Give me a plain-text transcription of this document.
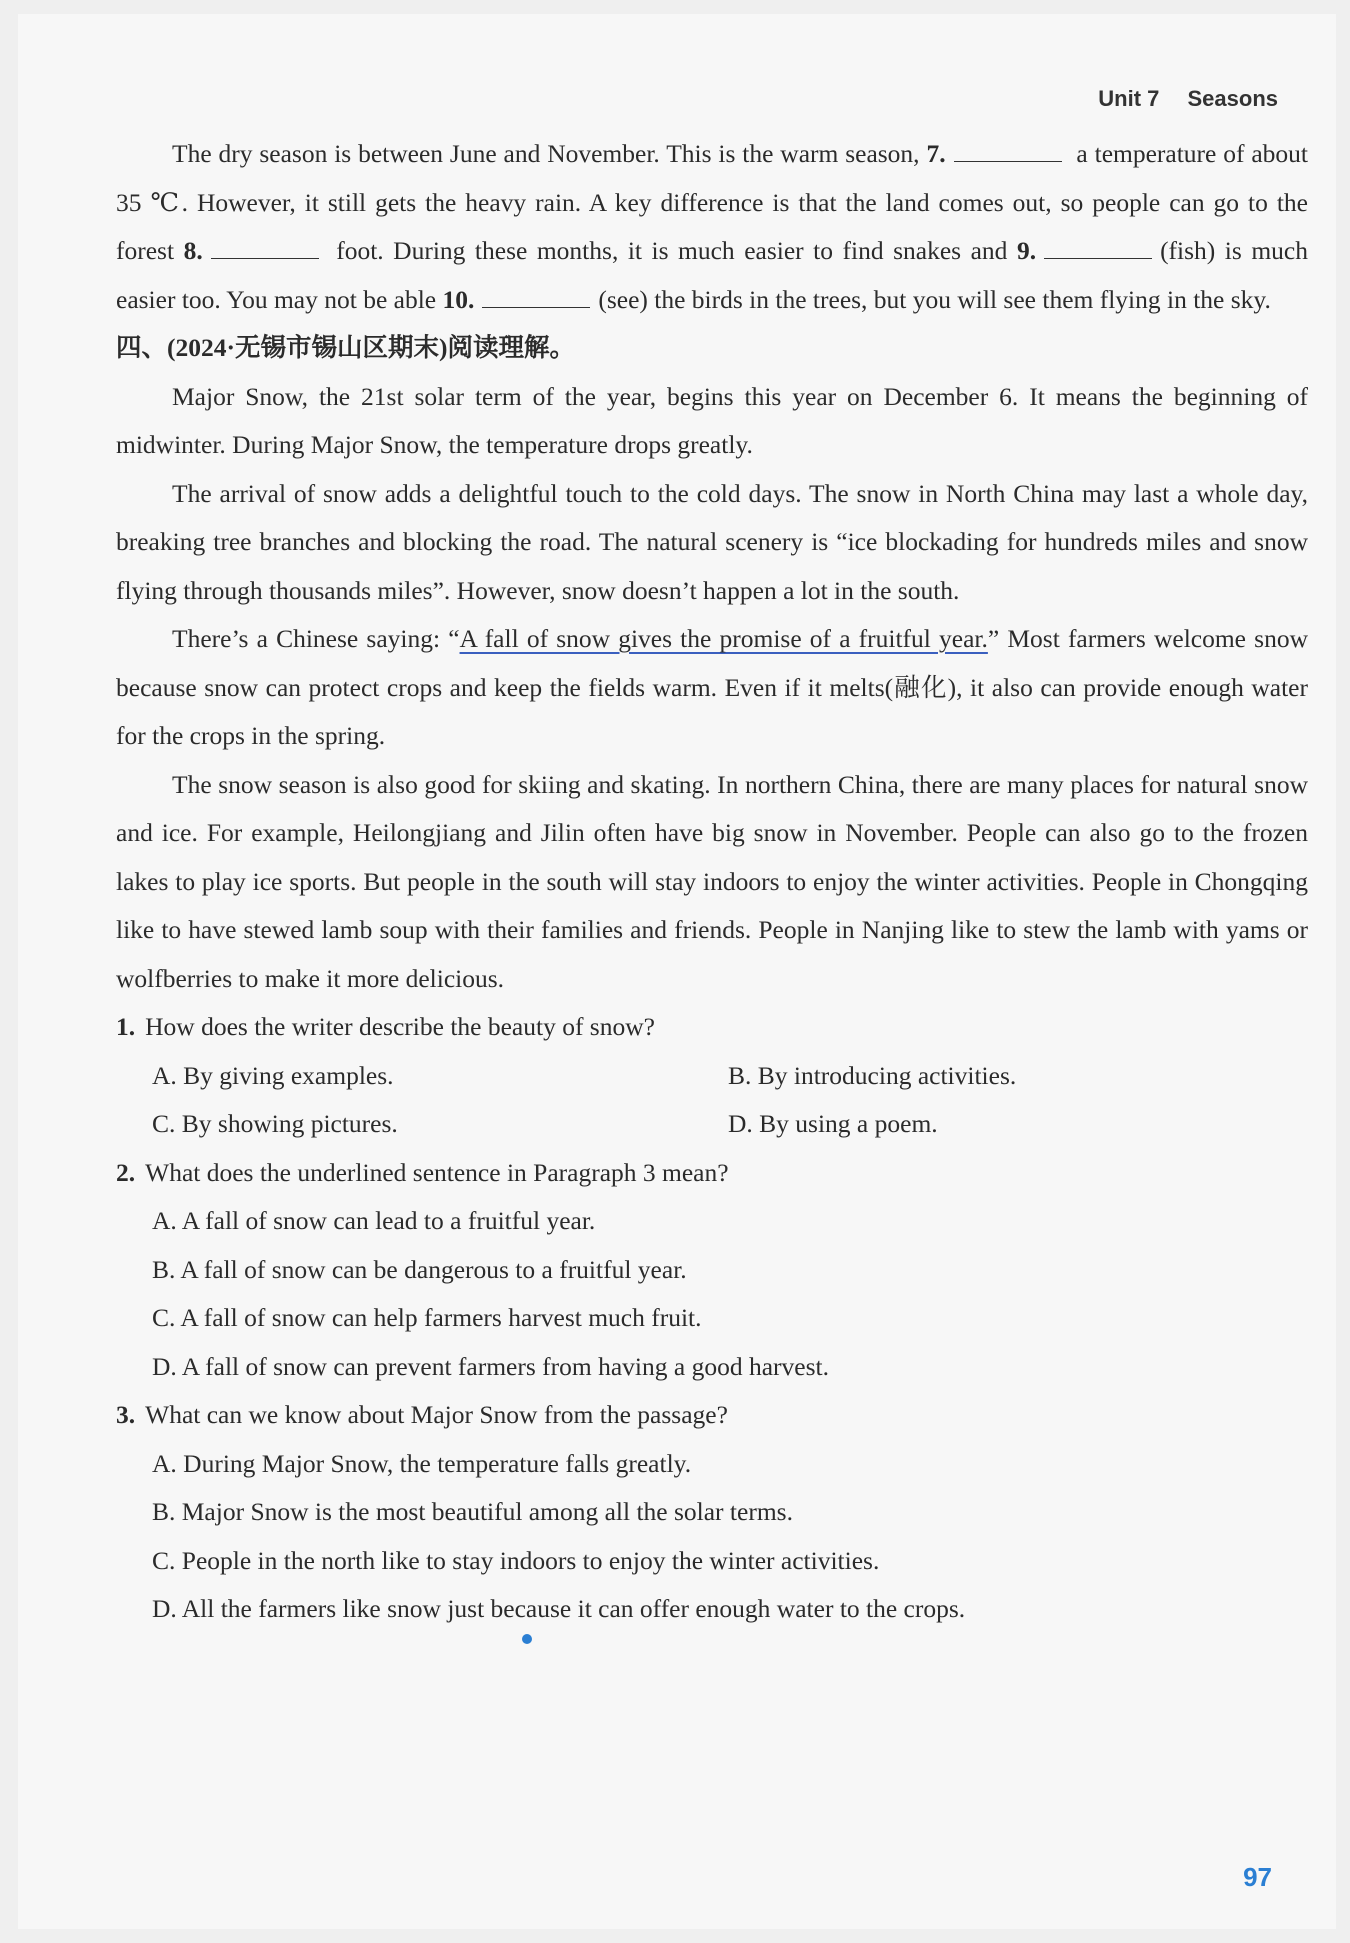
Unit 7 Seasons

The dry season is between June and November. This is the warm season, 7.	a temperature of about 35 ℃. However, it still gets the heavy rain. A key difference is that the land comes out, so people can go to the forest 8.	foot. During these months, it is much easier to find snakes and 9.	(fish) is much easier too. You may not be able 10.	(see) the birds in the trees, but you will see them flying in the sky.

四、(2024·无锡市锡山区期末)阅读理解。

Major Snow, the 21st solar term of the year, begins this year on December 6. It means the beginning of midwinter. During Major Snow, the temperature drops greatly.

The arrival of snow adds a delightful touch to the cold days. The snow in North China may last a whole day, breaking tree branches and blocking the road. The natural scenery is “ice blockading for hundreds miles and snow flying through thousands miles”. However, snow doesn’t happen a lot in the south.

There’s a Chinese saying: “A fall of snow gives the promise of a fruitful year.” Most farmers welcome snow because snow can protect crops and keep the fields warm. Even if it melts(融化), it also can provide enough water for the crops in the spring.

The snow season is also good for skiing and skating. In northern China, there are many places for natural snow and ice. For example, Heilongjiang and Jilin often have big snow in November. People can also go to the frozen lakes to play ice sports. But people in the south will stay indoors to enjoy the winter activities. People in Chongqing like to have stewed lamb soup with their families and friends. People in Nanjing like to stew the lamb with yams or wolfberries to make it more delicious.

1. How does the writer describe the beauty of snow?

A. By giving examples.	B. By introducing activities.

C. By showing pictures.	D. By using a poem.

2. What does the underlined sentence in Paragraph 3 mean?

A. A fall of snow can lead to a fruitful year.

B. A fall of snow can be dangerous to a fruitful year.

C. A fall of snow can help farmers harvest much fruit.

D. A fall of snow can prevent farmers from having a good harvest.

3. What can we know about Major Snow from the passage?

A. During Major Snow, the temperature falls greatly.

B. Major Snow is the most beautiful among all the solar terms.

C. People in the north like to stay indoors to enjoy the winter activities.

D. All the farmers like snow just because it can offer enough water to the crops.

97
